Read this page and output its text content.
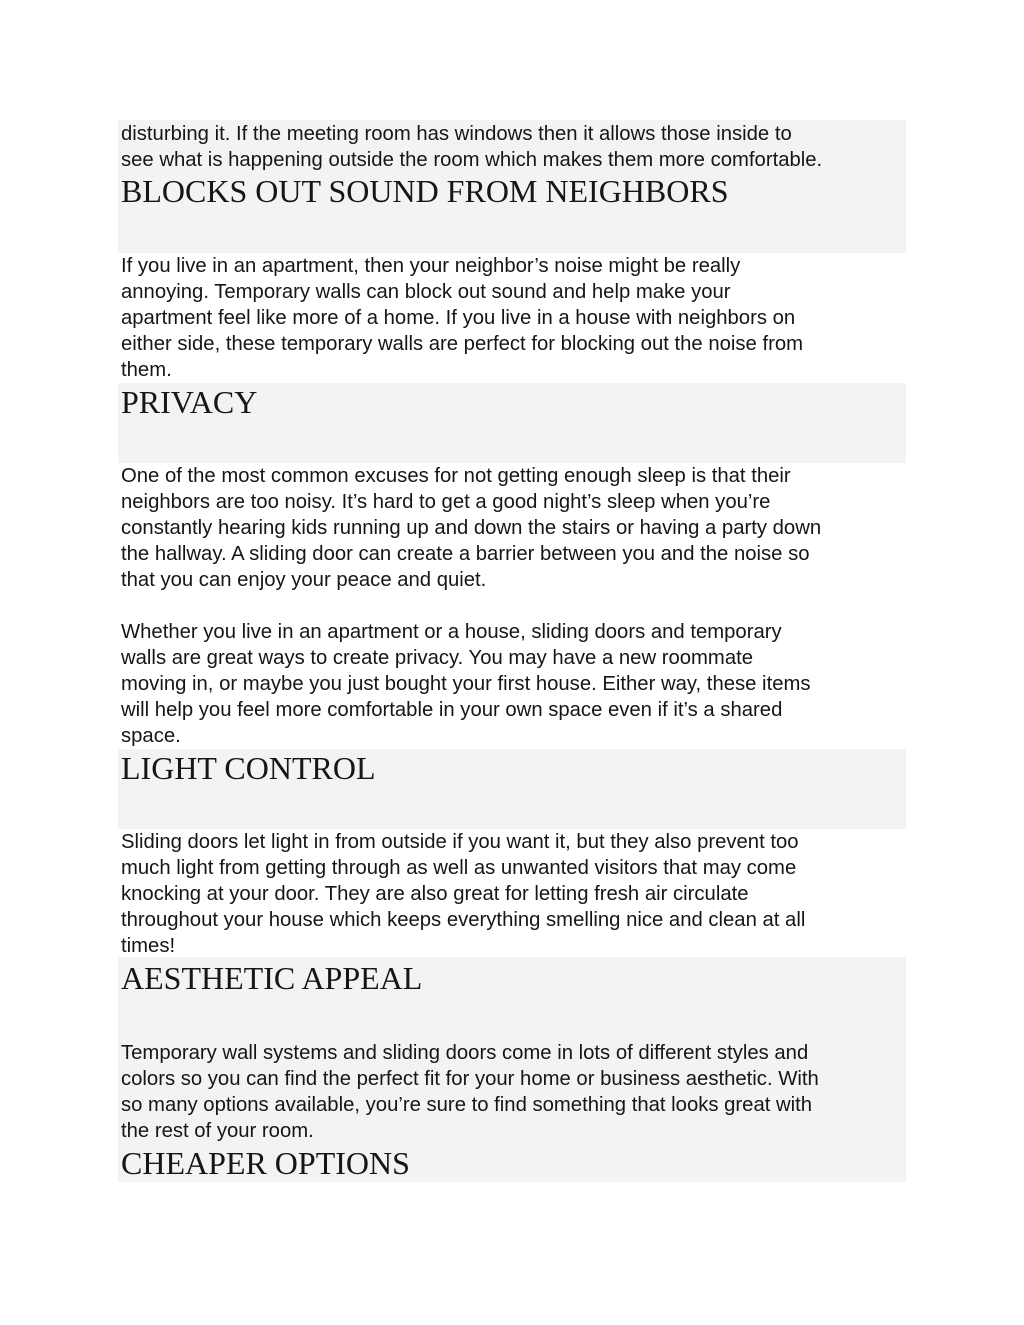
disturbing it. If the meeting room has windows then it allows those inside to
see what is happening outside the room which makes them more comfortable.

BLOCKS OUT SOUND FROM NEIGHBORS

If you live in an apartment, then your neighbor’s noise might be really
annoying. Temporary walls can block out sound and help make your
apartment feel like more of a home. If you live in a house with neighbors on
either side, these temporary walls are perfect for blocking out the noise from
them.

PRIVACY

One of the most common excuses for not getting enough sleep is that their
neighbors are too noisy. It’s hard to get a good night’s sleep when you’re
constantly hearing kids running up and down the stairs or having a party down
the hallway. A sliding door can create a barrier between you and the noise so
that you can enjoy your peace and quiet.

Whether you live in an apartment or a house, sliding doors and temporary
walls are great ways to create privacy. You may have a new roommate
moving in, or maybe you just bought your first house. Either way, these items
will help you feel more comfortable in your own space even if it’s a shared
space.

LIGHT CONTROL

Sliding doors let light in from outside if you want it, but they also prevent too
much light from getting through as well as unwanted visitors that may come
knocking at your door. They are also great for letting fresh air circulate
throughout your house which keeps everything smelling nice and clean at all
times!

AESTHETIC APPEAL

Temporary wall systems and sliding doors come in lots of different styles and
colors so you can find the perfect fit for your home or business aesthetic. With
so many options available, you’re sure to find something that looks great with
the rest of your room.

CHEAPER OPTIONS
